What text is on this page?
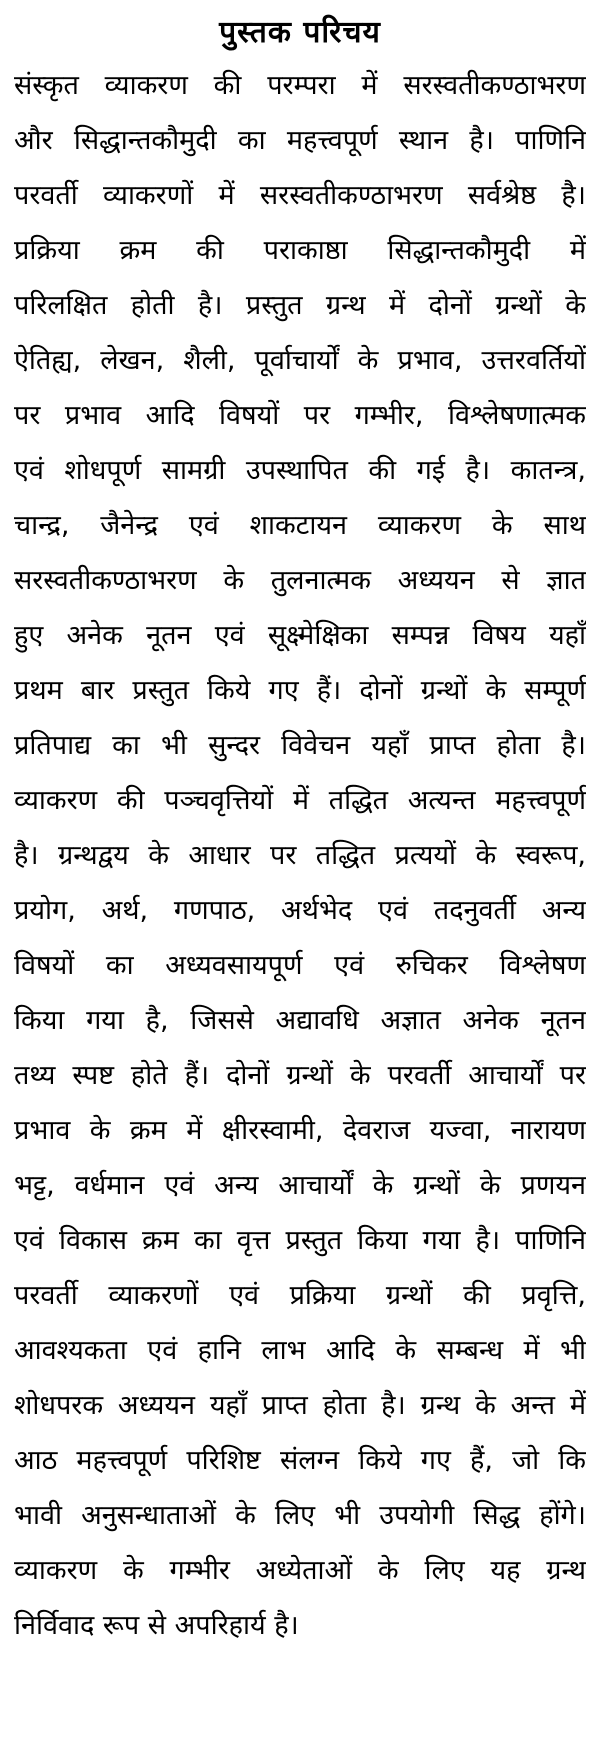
पुस्तक परिचय
संस्कृत व्याकरण की परम्परा में सरस्वतीकण्ठाभरण
और सिद्धान्तकौमुदी का महत्त्वपूर्ण स्थान है। पाणिनि
परवर्ती व्याकरणों में सरस्वतीकण्ठाभरण सर्वश्रेष्ठ है।
प्रक्रिया क्रम की पराकाष्ठा सिद्धान्तकौमुदी में
परिलक्षित होती है। प्रस्तुत ग्रन्थ में दोनों ग्रन्थों के
ऐतिह्य, लेखन, शैली, पूर्वाचार्यों के प्रभाव, उत्तरवर्तियों
पर प्रभाव आदि विषयों पर गम्भीर, विश्लेषणात्मक
एवं शोधपूर्ण सामग्री उपस्थापित की गई है। कातन्त्र,
चान्द्र, जैनेन्द्र एवं शाकटायन व्याकरण के साथ
सरस्वतीकण्ठाभरण के तुलनात्मक अध्ययन से ज्ञात
हुए अनेक नूतन एवं सूक्ष्मेक्षिका सम्पन्न विषय यहाँ
प्रथम बार प्रस्तुत किये गए हैं। दोनों ग्रन्थों के सम्पूर्ण
प्रतिपाद्य का भी सुन्दर विवेचन यहाँ प्राप्त होता है।
व्याकरण की पञ्चवृत्तियों में तद्धित अत्यन्त महत्त्वपूर्ण
है। ग्रन्थद्वय के आधार पर तद्धित प्रत्ययों के स्वरूप,
प्रयोग, अर्थ, गणपाठ, अर्थभेद एवं तदनुवर्ती अन्य
विषयों का अध्यवसायपूर्ण एवं रुचिकर विश्लेषण
किया गया है, जिससे अद्यावधि अज्ञात अनेक नूतन
तथ्य स्पष्ट होते हैं। दोनों ग्रन्थों के परवर्ती आचार्यों पर
प्रभाव के क्रम में क्षीरस्वामी, देवराज यज्वा, नारायण
भट्ट, वर्धमान एवं अन्य आचार्यों के ग्रन्थों के प्रणयन
एवं विकास क्रम का वृत्त प्रस्तुत किया गया है। पाणिनि
परवर्ती व्याकरणों एवं प्रक्रिया ग्रन्थों की प्रवृत्ति,
आवश्यकता एवं हानि लाभ आदि के सम्बन्ध में भी
शोधपरक अध्ययन यहाँ प्राप्त होता है। ग्रन्थ के अन्त में
आठ महत्त्वपूर्ण परिशिष्ट संलग्न किये गए हैं, जो कि
भावी अनुसन्धाताओं के लिए भी उपयोगी सिद्ध होंगे।
व्याकरण के गम्भीर अध्येताओं के लिए यह ग्रन्थ
निर्विवाद रूप से अपरिहार्य है।
